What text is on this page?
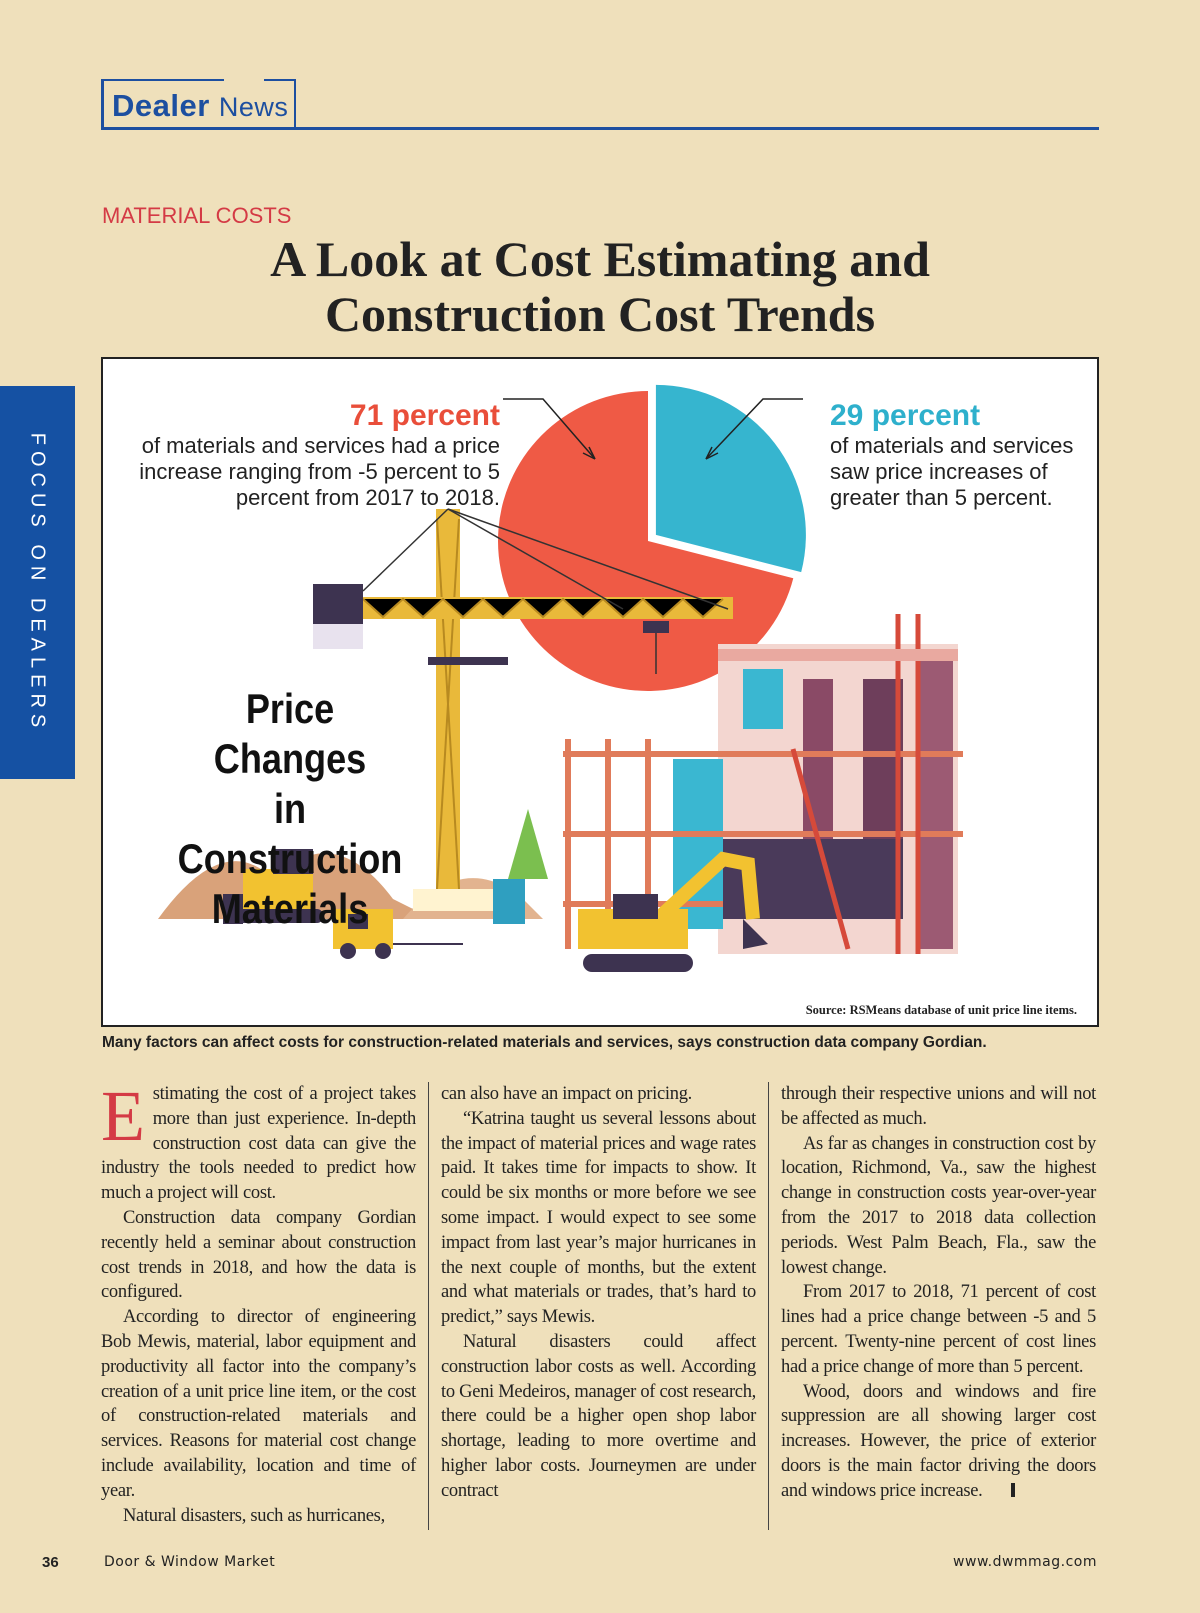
Dealer News
FOCUS ON DEALERS
MATERIAL COSTS
A Look at Cost Estimating and
Construction Cost Trends
71 percent
of materials and services had a price increase ranging from -5 percent to 5 percent from 2017 to 2018.
29 percent
of materials and services saw price increases of greater than 5 percent.
Price Changes
in Construction
Materials
Source: RSMeans database of unit price line items.
Many factors can affect costs for construction-related materials and services, says construction data company Gordian.

Estimating the cost of a project takes more than just experience. In-depth construction cost data can give the industry the tools needed to predict how much a project will cost.

Construction data company Gordian recently held a seminar about construction cost trends in 2018, and how the data is configured.

According to director of engineering Bob Mewis, material, labor equipment and productivity all factor into the company’s creation of a unit price line item, or the cost of construction-related materials and services. Reasons for material cost change include availability, location and time of year.

Natural disasters, such as hurricanes,

can also have an impact on pricing.

“Katrina taught us several lessons about the impact of material prices and wage rates paid. It takes time for impacts to show. It could be six months or more before we see some impact. I would expect to see some impact from last year’s major hurricanes in the next couple of months, but the extent and what materials or trades, that’s hard to predict,” says Mewis.

Natural disasters could affect construction labor costs as well. According to Geni Medeiros, manager of cost research, there could be a higher open shop labor shortage, leading to more overtime and higher labor costs. Journeymen are under contract

through their respective unions and will not be affected as much.

As far as changes in construction cost by location, Richmond, Va., saw the highest change in construction costs year-over-year from the 2017 to 2018 data collection periods. West Palm Beach, Fla., saw the lowest change.

From 2017 to 2018, 71 percent of cost lines had a price change between -5 and 5 percent. Twenty-nine percent of cost lines had a price change of more than 5 percent.

Wood, doors and windows and fire suppression are all showing larger cost increases. However, the price of exterior doors is the main factor driving the doors and windows price increase.

36	Door & Window Market	www.dwmmag.com
